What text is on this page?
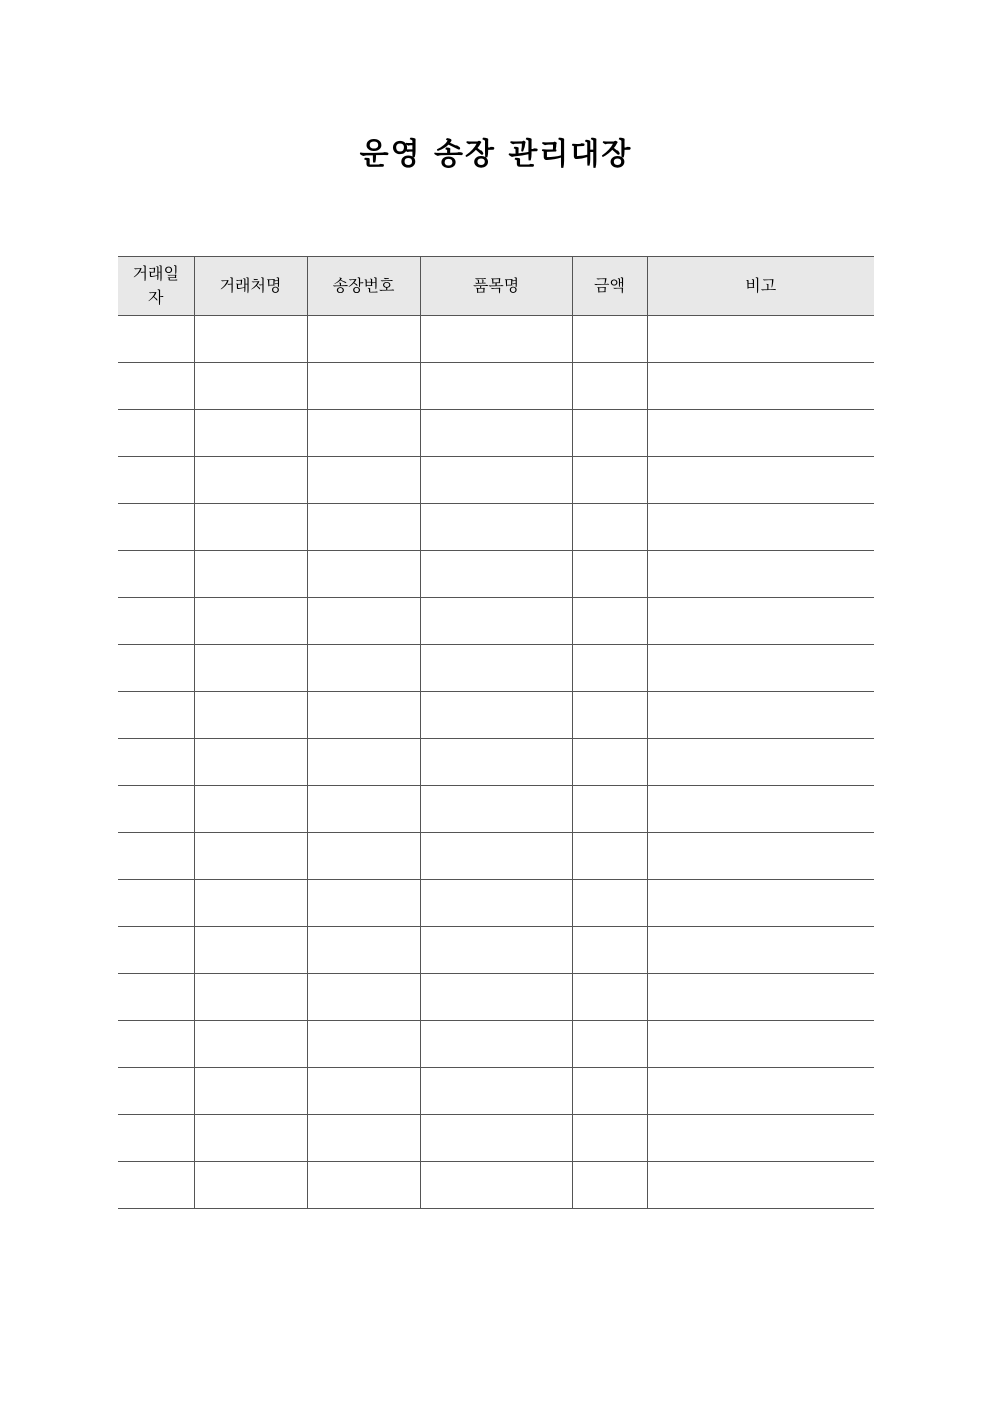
운영 송장 관리대장
거래일자	거래처명	송장번호	품목명	금액	비고
